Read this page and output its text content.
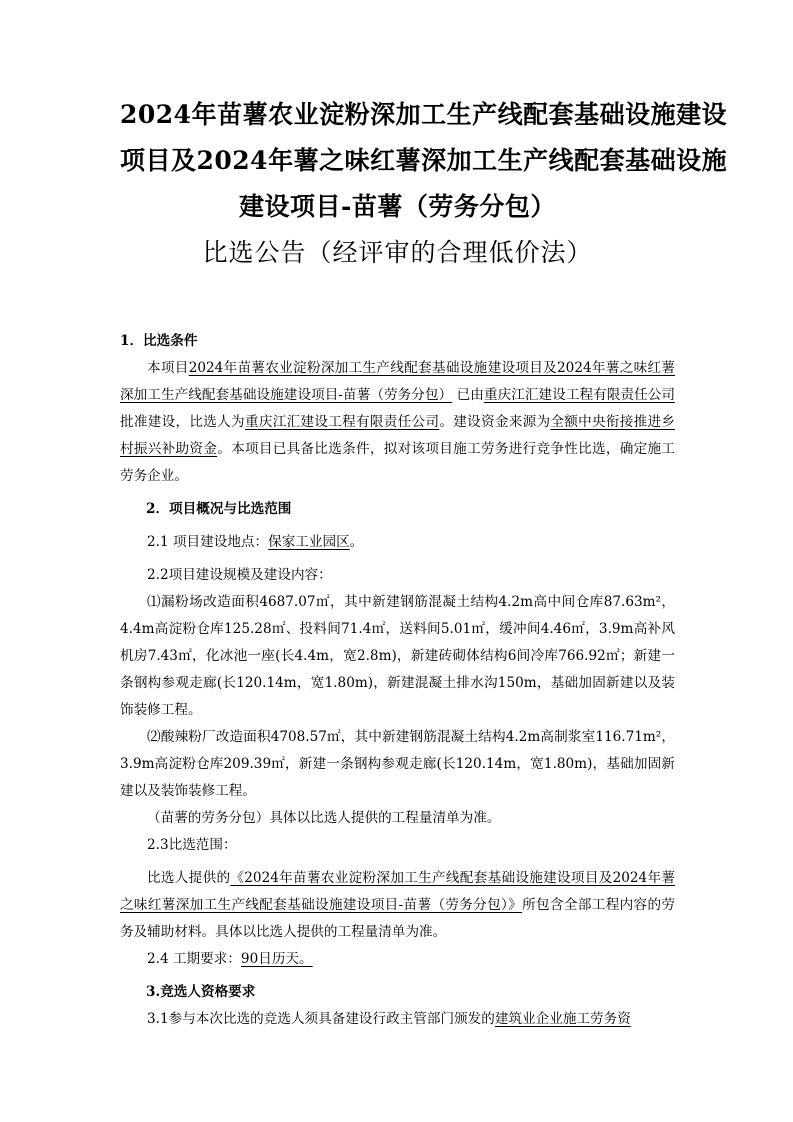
2024年苗薯农业淀粉深加工生产线配套基础设施建设
项目及2024年薯之味红薯深加工生产线配套基础设施
建设项目-苗薯（劳务分包）
比选公告（经评审的合理低价法）

1．比选条件

本项目2024年苗薯农业淀粉深加工生产线配套基础设施建设项目及2024年薯之味红薯深加工生产线配套基础设施建设项目-苗薯（劳务分包） 已由重庆江汇建设工程有限责任公司批准建设，比选人为重庆江汇建设工程有限责任公司。建设资金来源为全额中央衔接推进乡村振兴补助资金。本项目已具备比选条件，拟对该项目施工劳务进行竞争性比选，确定施工劳务企业。

2．项目概况与比选范围

2.1 项目建设地点：保家工业园区。

2.2项目建设规模及建设内容：

⑴漏粉场改造面积4687.07㎡，其中新建钢筋混凝土结构4.2m高中间仓库87.63m²，4.4m高淀粉仓库125.28㎡、投料间71.4㎡，送料间5.01㎡，缓冲间4.46㎡，3.9m高补风机房7.43㎡，化冰池一座(长4.4m，宽2.8m)，新建砖砌体结构6间冷库766.92㎡；新建一条钢构参观走廊(长120.14m，宽1.80m)，新建混凝土排水沟150m，基础加固新建以及装饰装修工程。

⑵酸辣粉厂改造面积4708.57㎡，其中新建钢筋混凝土结构4.2m高制浆室116.71m²，3.9m高淀粉仓库209.39㎡，新建一条钢构参观走廊(长120.14m，宽1.80m)，基础加固新建以及装饰装修工程。

（苗薯的劳务分包）具体以比选人提供的工程量清单为准。

2.3比选范围：

比选人提供的《2024年苗薯农业淀粉深加工生产线配套基础设施建设项目及2024年薯之味红薯深加工生产线配套基础设施建设项目-苗薯（劳务分包）》所包含全部工程内容的劳务及辅助材料。具体以比选人提供的工程量清单为准。

2.4 工期要求：90日历天。

3.竞选人资格要求

3.1参与本次比选的竞选人须具备建设行政主管部门颁发的建筑业企业施工劳务资
